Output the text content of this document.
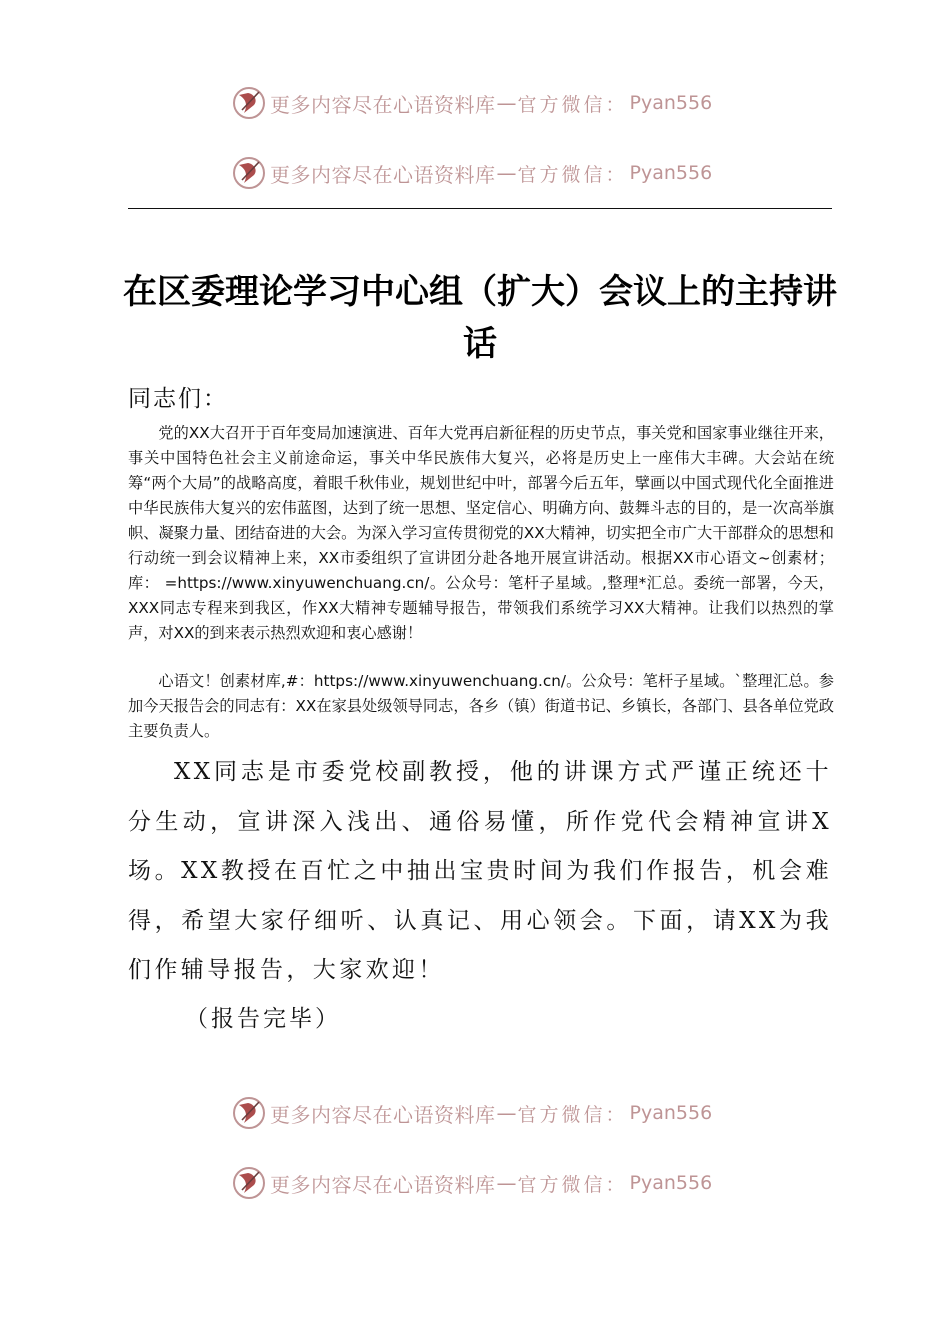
更多内容尽在心语资料库 — 官方微信： Pyan556
更多内容尽在心语资料库 — 官方微信： Pyan556
在区委理论学习中心组（扩大）会议上的主持讲话
同志们：

党的XX大召开于百年变局加速演进、百年大党再启新征程的历史节点，事关党和国家事业继往开来，事关中国特色社会主义前途命运，事关中华民族伟大复兴，必将是历史上一座伟大丰碑。大会站在统筹“两个大局”的战略高度，着眼千秋伟业，规划世纪中叶，部署今后五年，擘画以中国式现代化全面推进中华民族伟大复兴的宏伟蓝图，达到了统一思想、坚定信心、明确方向、鼓舞斗志的目的，是一次高举旗帜、凝聚力量、团结奋进的大会。为深入学习宣传贯彻党的XX大精神，切实把全市广大干部群众的思想和行动统一到会议精神上来，XX市委组织了宣讲团分赴各地开展宣讲活动。根据XX市心语文~创素材；库： =https://www.xinyuwenchuang.cn/。公众号：笔杆子星域。,整理*汇总。委统一部署，今天，XXX同志专程来到我区，作XX大精神专题辅导报告，带领我们系统学习XX大精神。让我们以热烈的掌声，对XX的到来表示热烈欢迎和衷心感谢！

心语文！创素材库,#：https://www.xinyuwenchuang.cn/。公众号：笔杆子星域。`整理汇总。参加今天报告会的同志有：XX在家县处级领导同志，各乡（镇）街道书记、乡镇长，各部门、县各单位党政主要负责人。

XX同志是市委党校副教授，他的讲课方式严谨正统还十分生动，宣讲深入浅出、通俗易懂，所作党代会精神宣讲X场。XX教授在百忙之中抽出宝贵时间为我们作报告，机会难得，希望大家仔细听、认真记、用心领会。下面，请XX为我们作辅导报告，大家欢迎！

（报告完毕）
更多内容尽在心语资料库 — 官方微信： Pyan556
更多内容尽在心语资料库 — 官方微信： Pyan556
